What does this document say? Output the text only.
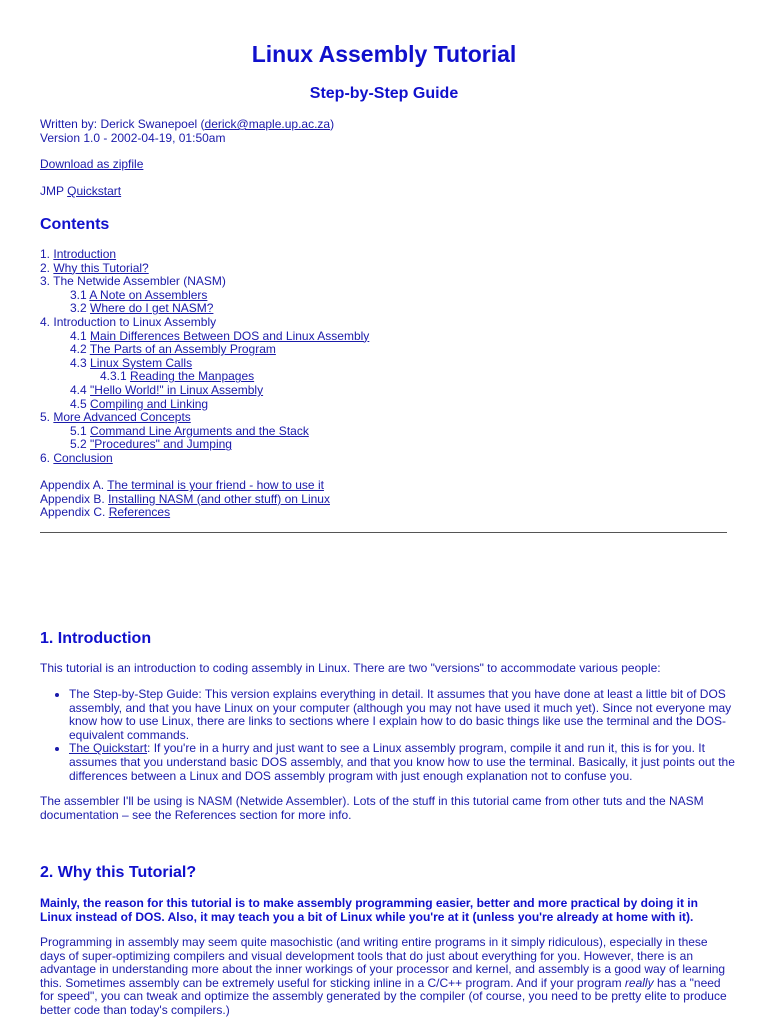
Linux Assembly Tutorial
Step-by-Step Guide
Written by: Derick Swanepoel (derick@maple.up.ac.za)
Version 1.0 - 2002-04-19, 01:50am
Download as zipfile
JMP Quickstart
Contents
1. Introduction
2. Why this Tutorial?
3. The Netwide Assembler (NASM)
3.1 A Note on Assemblers
3.2 Where do I get NASM?
4. Introduction to Linux Assembly
4.1 Main Differences Between DOS and Linux Assembly
4.2 The Parts of an Assembly Program
4.3 Linux System Calls
4.3.1 Reading the Manpages
4.4 "Hello World!" in Linux Assembly
4.5 Compiling and Linking
5. More Advanced Concepts
5.1 Command Line Arguments and the Stack
5.2 "Procedures" and Jumping
6. Conclusion
Appendix A. The terminal is your friend - how to use it
Appendix B. Installing NASM (and other stuff) on Linux
Appendix C. References
1. Introduction

This tutorial is an introduction to coding assembly in Linux. There are two "versions" to accommodate various people:

• The Step-by-Step Guide: This version explains everything in detail. It assumes that you have done at least a little bit of DOS assembly, and that you have Linux on your computer (although you may not have used it much yet). Since not everyone may know how to use Linux, there are links to sections where I explain how to do basic things like use the terminal and the DOS-equivalent commands.
• The Quickstart: If you're in a hurry and just want to see a Linux assembly program, compile it and run it, this is for you. It assumes that you understand basic DOS assembly, and that you know how to use the terminal. Basically, it just points out the differences between a Linux and DOS assembly program with just enough explanation not to confuse you.

The assembler I'll be using is NASM (Netwide Assembler). Lots of the stuff in this tutorial came from other tuts and the NASM documentation – see the References section for more info.

2. Why this Tutorial?

Mainly, the reason for this tutorial is to make assembly programming easier, better and more practical by doing it in Linux instead of DOS. Also, it may teach you a bit of Linux while you're at it (unless you're already at home with it).

Programming in assembly may seem quite masochistic (and writing entire programs in it simply ridiculous), especially in these days of super-optimizing compilers and visual development tools that do just about everything for you. However, there is an advantage in understanding more about the inner workings of your processor and kernel, and assembly is a good way of learning this. Sometimes assembly can be extremely useful for sticking inline in a C/C++ program. And if your program really has a "need for speed", you can tweak and optimize the assembly generated by the compiler (of course, you need to be pretty elite to produce better code than today's compilers.)
